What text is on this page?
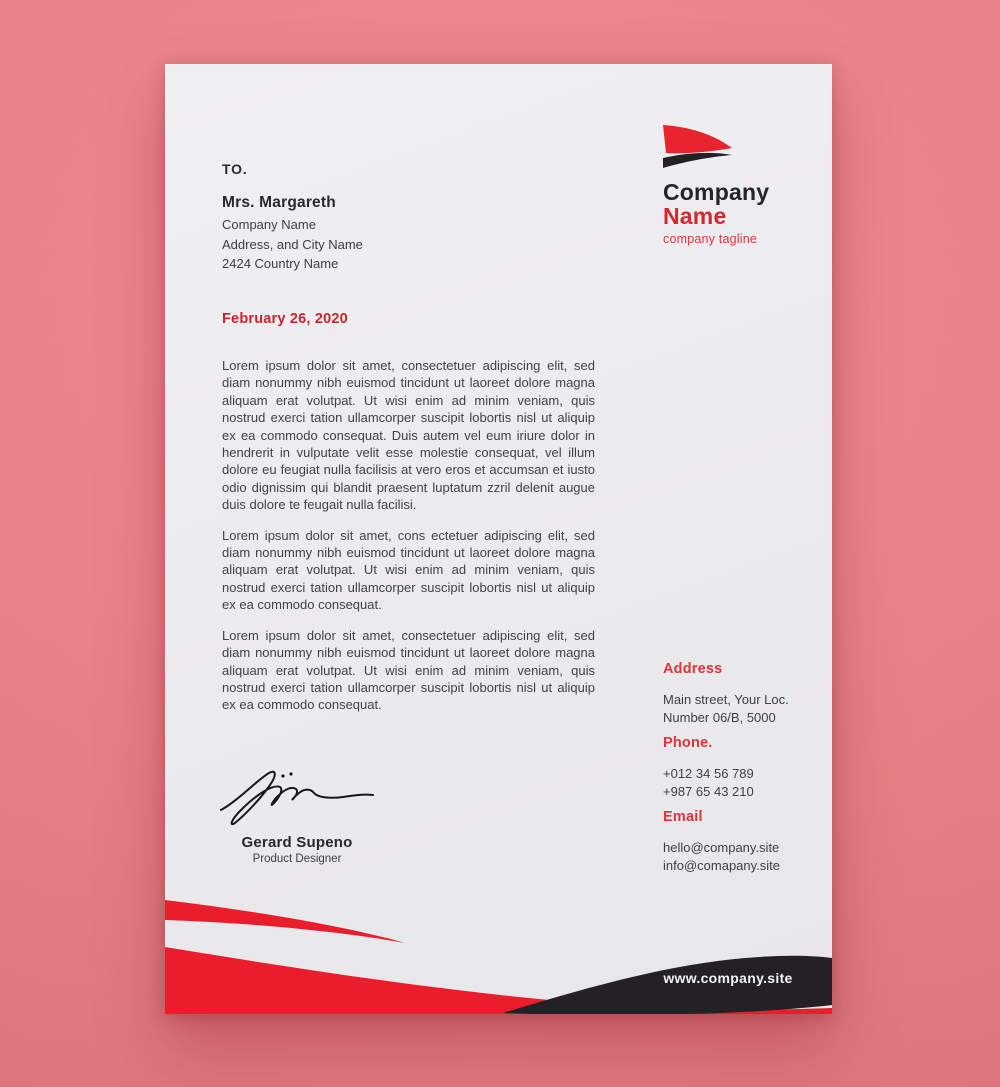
Company
Name
company tagline
TO.
Mrs. Margareth
Company Name
Address, and City Name
2424 Country Name
February 26, 2020

Lorem ipsum dolor sit amet, consectetuer adipiscing elit, sed diam nonummy nibh euismod tincidunt ut laoreet dolore magna aliquam erat volutpat. Ut wisi enim ad minim veniam, quis nostrud exerci tation ullamcorper suscipit lobortis nisl ut aliquip ex ea commodo consequat. Duis autem vel eum iriure dolor in hendrerit in vulputate velit esse molestie consequat, vel illum dolore eu feugiat nulla facilisis at vero eros et accumsan et iusto odio dignissim qui blandit praesent luptatum zzril delenit augue duis dolore te feugait nulla facilisi.

Lorem ipsum dolor sit amet, cons ectetuer adipiscing elit, sed diam nonummy nibh euismod tincidunt ut laoreet dolore magna aliquam erat volutpat. Ut wisi enim ad minim veniam, quis nostrud exerci tation ullamcorper suscipit lobortis nisl ut aliquip ex ea commodo consequat.

Lorem ipsum dolor sit amet, consectetuer adipiscing elit, sed diam nonummy nibh euismod tincidunt ut laoreet dolore magna aliquam erat volutpat. Ut wisi enim ad minim veniam, quis nostrud exerci tation ullamcorper suscipit lobortis nisl ut aliquip ex ea commodo consequat.

Gerard Supeno
Product Designer
Address
Main street, Your Loc.
Number 06/B, 5000
Phone.
+012 34 56 789
+987 65 43 210
Email
hello@company.site
info@comapany.site
www.company.site
